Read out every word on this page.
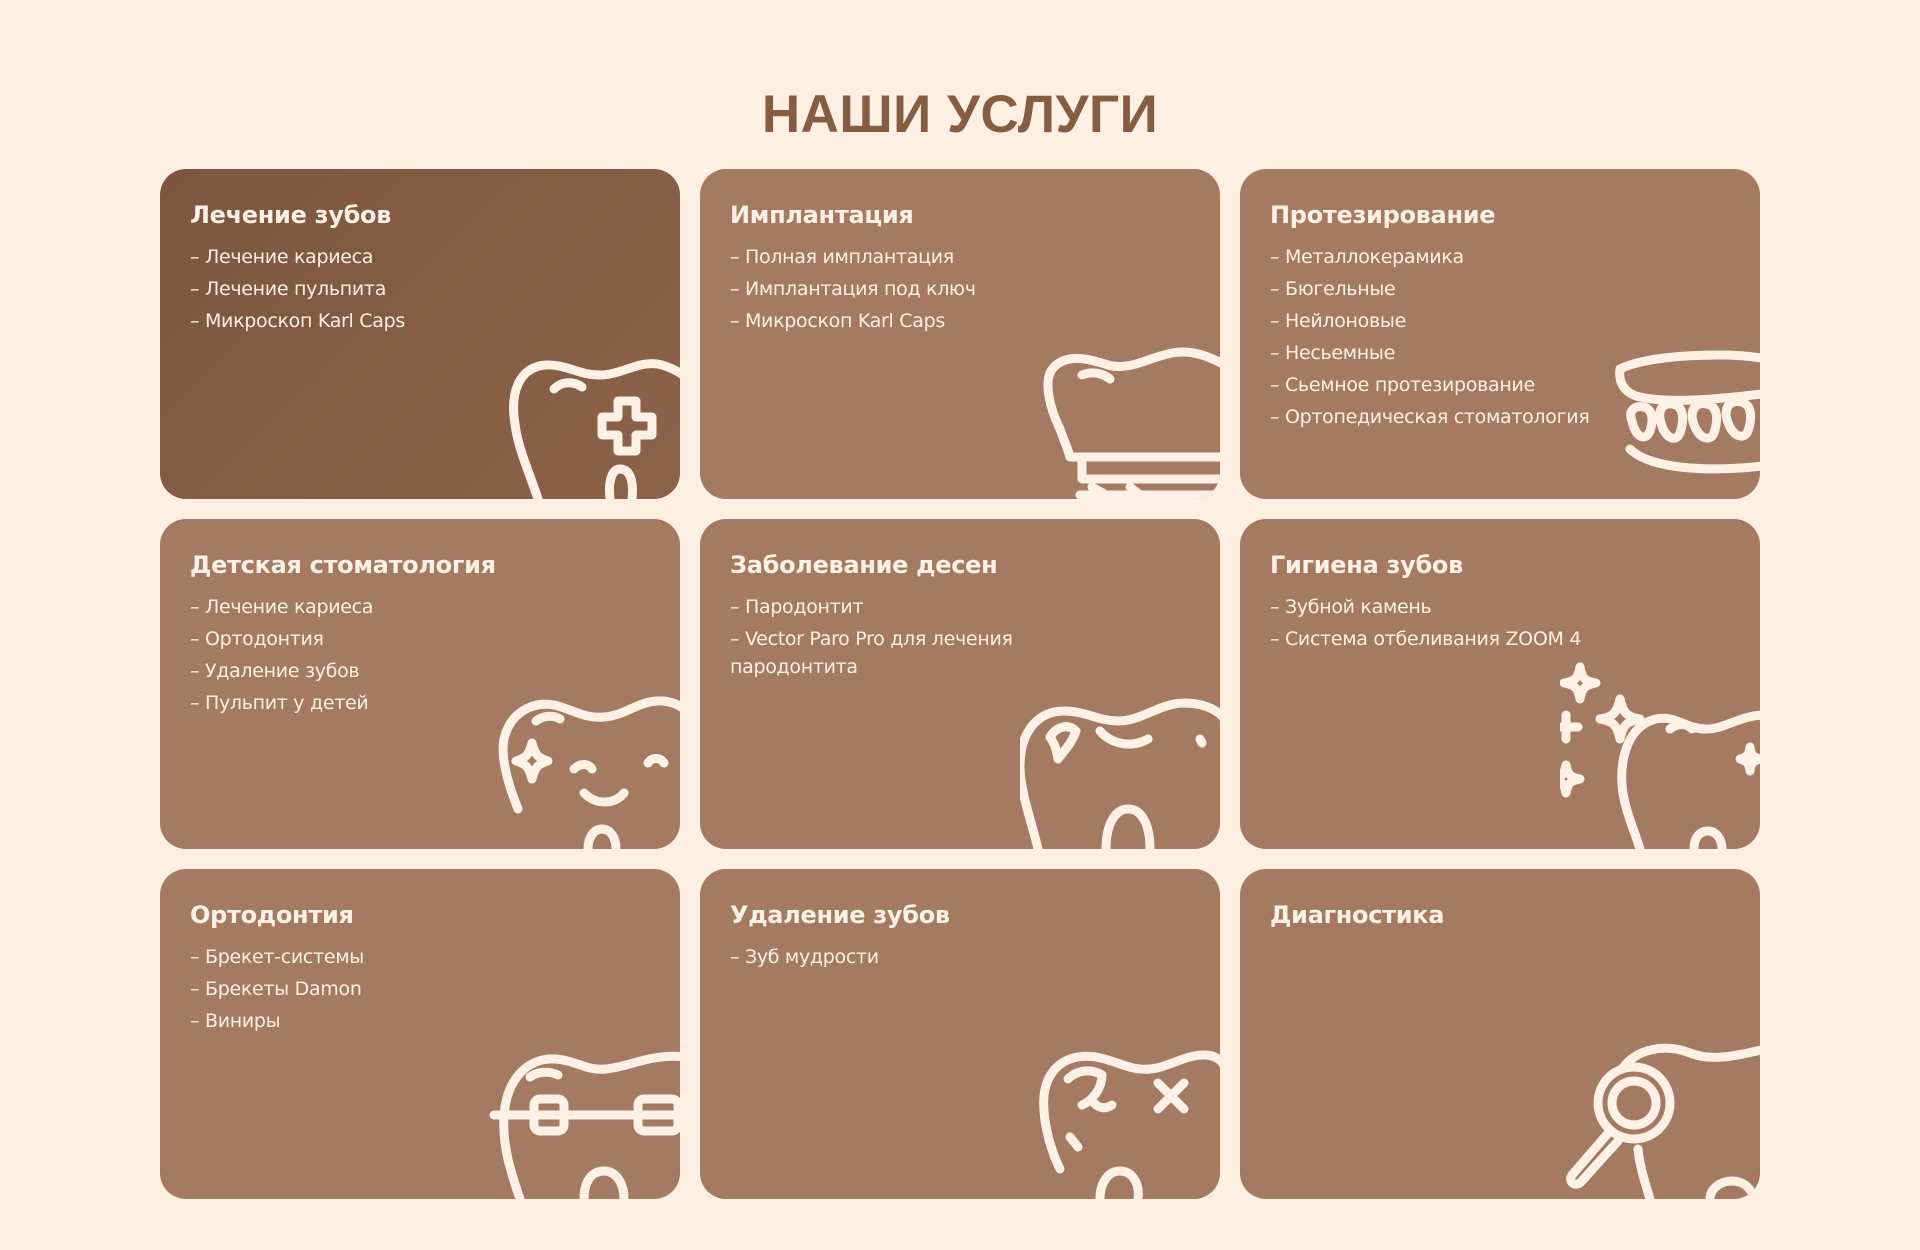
НАШИ УСЛУГИ
Лечение зубов
– Лечение кариеса
– Лечение пульпита
– Микроскоп Karl Caps
Имплантация
– Полная имплантация
– Имплантация под ключ
– Микроскоп Karl Caps
Протезирование
– Металлокерамика
– Бюгельные
– Нейлоновые
– Несьемные
– Сьемное протезирование
– Ортопедическая стоматология
Детская стоматология
– Лечение кариеса
– Ортодонтия
– Удаление зубов
– Пульпит у детей
Заболевание десен
– Пародонтит
– Vector Paro Pro для лечения пародонтита
Гигиена зубов
– Зубной камень
– Система отбеливания ZOOM 4
Ортодонтия
– Брекет-системы
– Брекеты Damon
– Виниры
Удаление зубов
– Зуб мудрости
Диагностика
